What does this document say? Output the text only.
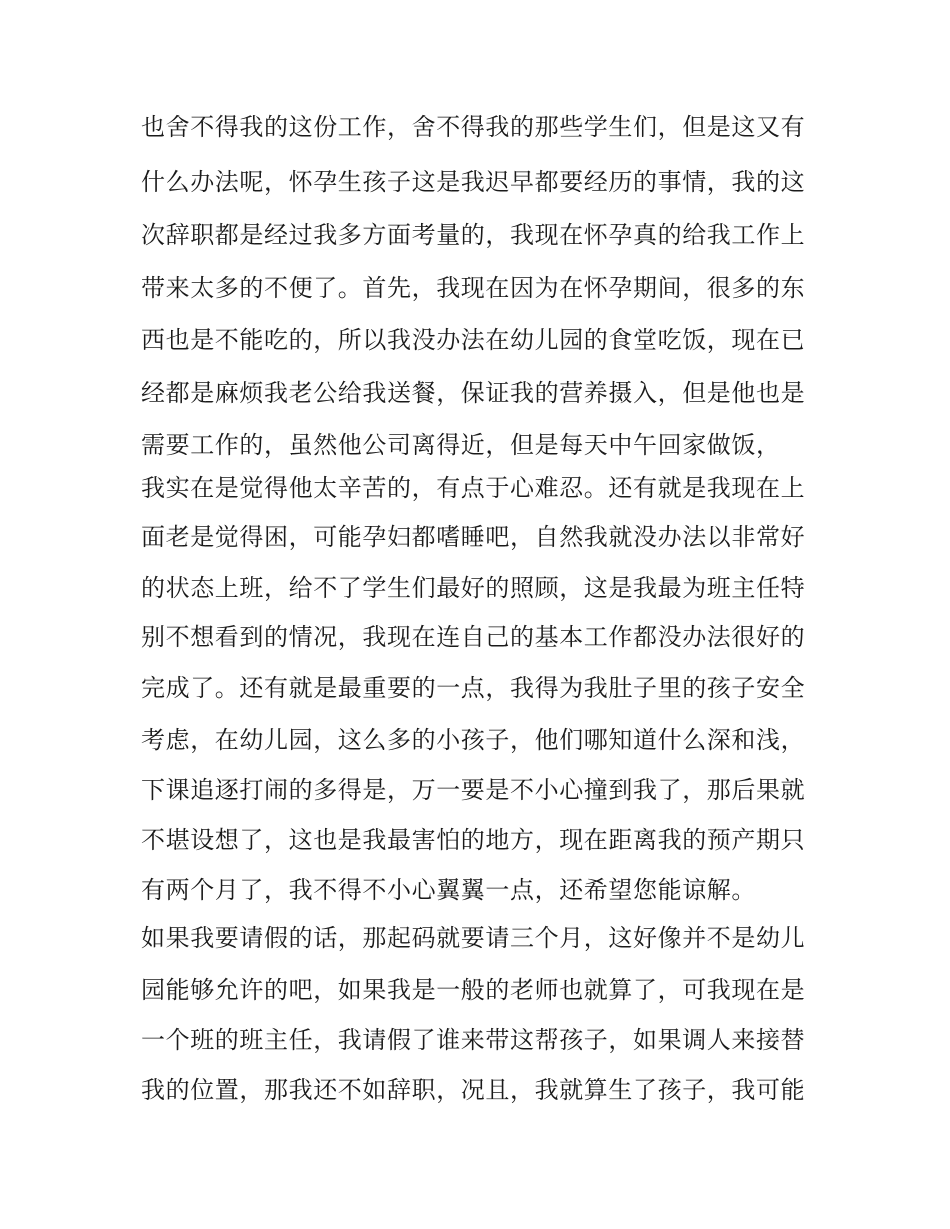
也舍不得我的这份工作，舍不得我的那些学生们，但是这又有
什么办法呢，怀孕生孩子这是我迟早都要经历的事情，我的这
次辞职都是经过我多方面考量的，我现在怀孕真的给我工作上
带来太多的不便了。首先，我现在因为在怀孕期间，很多的东
西也是不能吃的，所以我没办法在幼儿园的食堂吃饭，现在已
经都是麻烦我老公给我送餐，保证我的营养摄入，但是他也是
需要工作的，虽然他公司离得近，但是每天中午回家做饭，
我实在是觉得他太辛苦的，有点于心难忍。还有就是我现在上
面老是觉得困，可能孕妇都嗜睡吧，自然我就没办法以非常好
的状态上班，给不了学生们最好的照顾，这是我最为班主任特
别不想看到的情况，我现在连自己的基本工作都没办法很好的
完成了。还有就是最重要的一点，我得为我肚子里的孩子安全
考虑，在幼儿园，这么多的小孩子，他们哪知道什么深和浅，
下课追逐打闹的多得是，万一要是不小心撞到我了，那后果就
不堪设想了，这也是我最害怕的地方，现在距离我的预产期只
有两个月了，我不得不小心翼翼一点，还希望您能谅解。
如果我要请假的话，那起码就要请三个月，这好像并不是幼儿
园能够允许的吧，如果我是一般的老师也就算了，可我现在是
一个班的班主任，我请假了谁来带这帮孩子，如果调人来接替
我的位置，那我还不如辞职，况且，我就算生了孩子，我可能
